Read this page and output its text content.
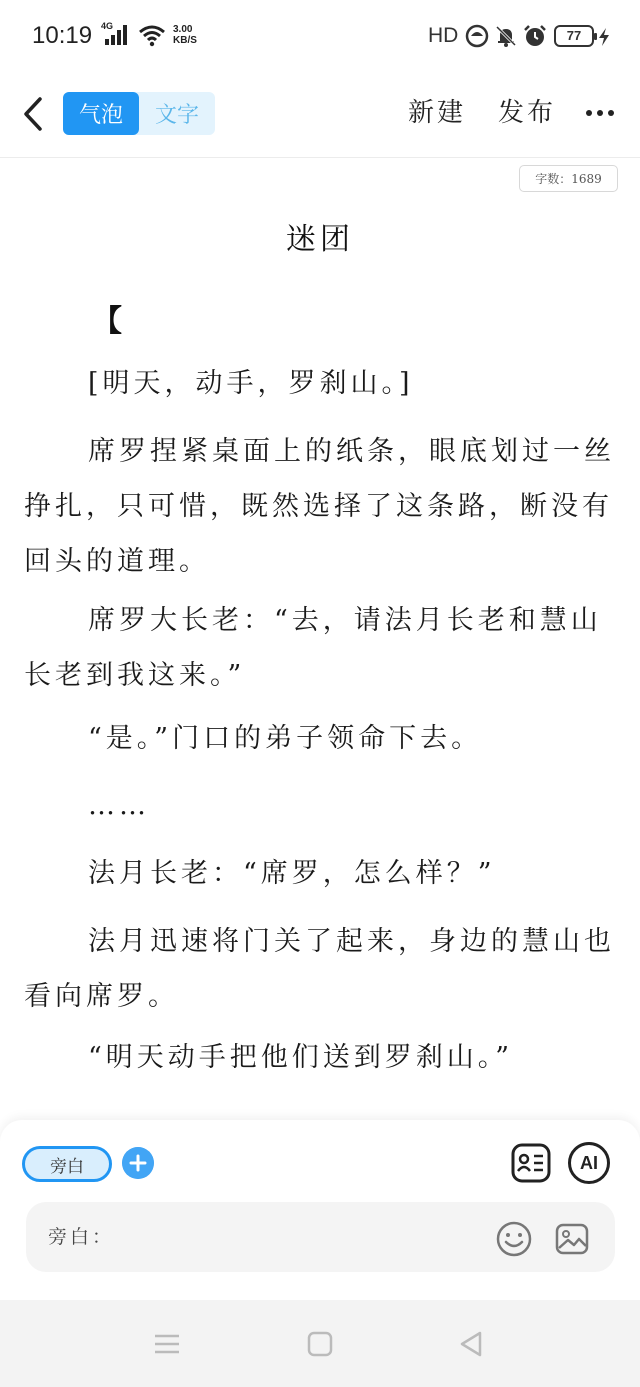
10:19 4G	3.00
KB/S	HD	77
气泡	文字	新建 发布
字数：1689
迷团
【
[明天，动手，罗刹山。]
席罗捏紧桌面上的纸条，眼底划过一丝挣扎，只可惜，既然选择了这条路，断没有回头的道理。
席罗大长老：“去，请法月长老和慧山长老到我这来。”
“是。”门口的弟子领命下去。
……
法月长老：“席罗，怎么样？”
法月迅速将门关了起来，身边的慧山也看向席罗。
“明天动手把他们送到罗刹山。”
旁白	AI
旁白：
